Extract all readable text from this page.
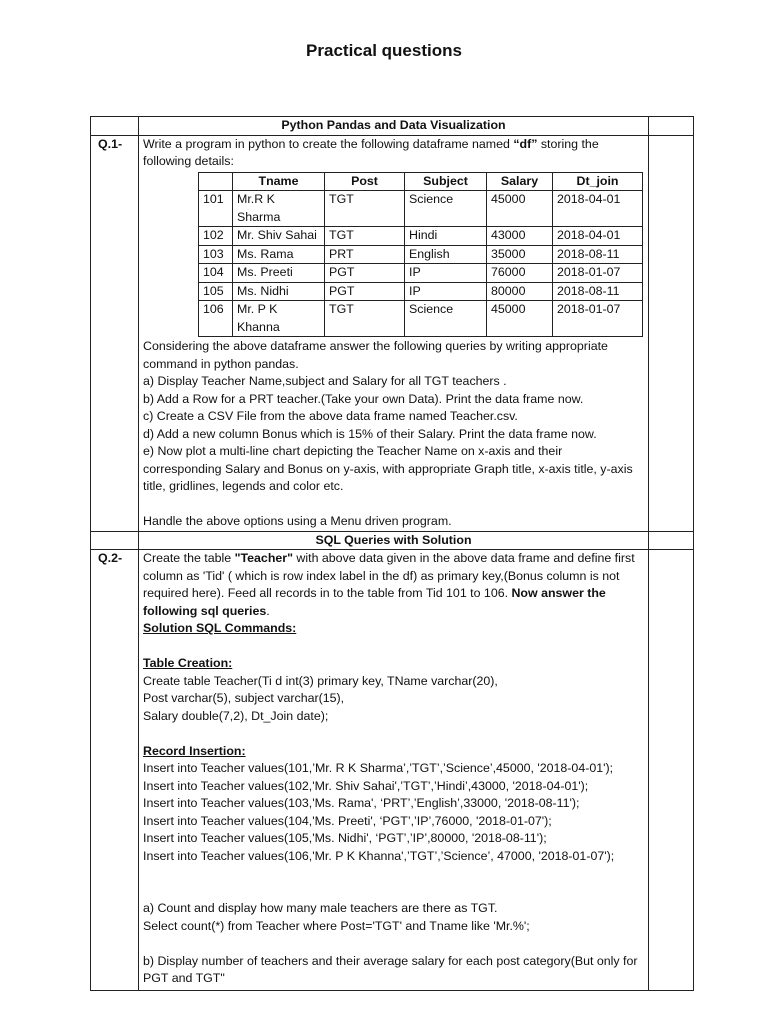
Practical questions
	Python Pandas and Data Visualization	
Q.1-	Write a program in python to create the following dataframe named “df” storing the following details:
	Tname	Post	Subject	Salary	Dt_join
101	Mr.R K Sharma	TGT	Science	45000	2018-04-01
102	Mr. Shiv Sahai	TGT	Hindi	43000	2018-04-01
103	Ms. Rama	PRT	English	35000	2018-08-11
104	Ms. Preeti	PGT	IP	76000	2018-01-07
105	Ms. Nidhi	PGT	IP	80000	2018-08-11
106	Mr. P K Khanna	TGT	Science	45000	2018-01-07
Considering the above dataframe answer the following queries by writing appropriate command in python pandas.
a) Display Teacher Name,subject and Salary for all TGT teachers .
b) Add a Row for a PRT teacher.(Take your own Data). Print the data frame now.
c) Create a CSV File from the above data frame named Teacher.csv.
d) Add a new column Bonus which is 15% of their Salary. Print the data frame now.
e) Now plot a multi-line chart depicting the Teacher Name on x-axis and their corresponding Salary and Bonus on y-axis, with appropriate Graph title, x-axis title, y-axis title, gridlines, legends and color etc.
Handle the above options using a Menu driven program.

	SQL Queries with Solution	
Q.2-	Create the table "Teacher" with above data given in the above data frame and define first column as 'Tid' ( which is row index label in the df) as primary key,(Bonus column is not required here). Feed all records in to the table from Tid 101 to 106. Now answer the following sql queries.
Solution SQL Commands:
Table Creation:
Create table Teacher(Ti d int(3) primary key, TName varchar(20),
Post varchar(5), subject varchar(15),
Salary double(7,2), Dt_Join date);
Record Insertion:
Insert into Teacher values(101,’Mr. R K Sharma’,’TGT’,’Science’,45000, '2018-04-01');
Insert into Teacher values(102,'Mr. Shiv Sahai',’TGT’,’Hindi’,43000, '2018-04-01');
Insert into Teacher values(103,'Ms. Rama', ‘PRT’,’English’,33000, '2018-08-11');
Insert into Teacher values(104,'Ms. Preeti', ‘PGT’,’IP’,76000, '2018-01-07');
Insert into Teacher values(105,'Ms. Nidhi', ‘PGT’,’IP’,80000, '2018-08-11');
Insert into Teacher values(106,'Mr. P K Khanna',’TGT’,’Science’, 47000, '2018-01-07');
a) Count and display how many male teachers are there as TGT.
Select count(*) from Teacher where Post='TGT' and Tname like 'Mr.%';
b) Display number of teachers and their average salary for each post category(But only for PGT and TGT"
